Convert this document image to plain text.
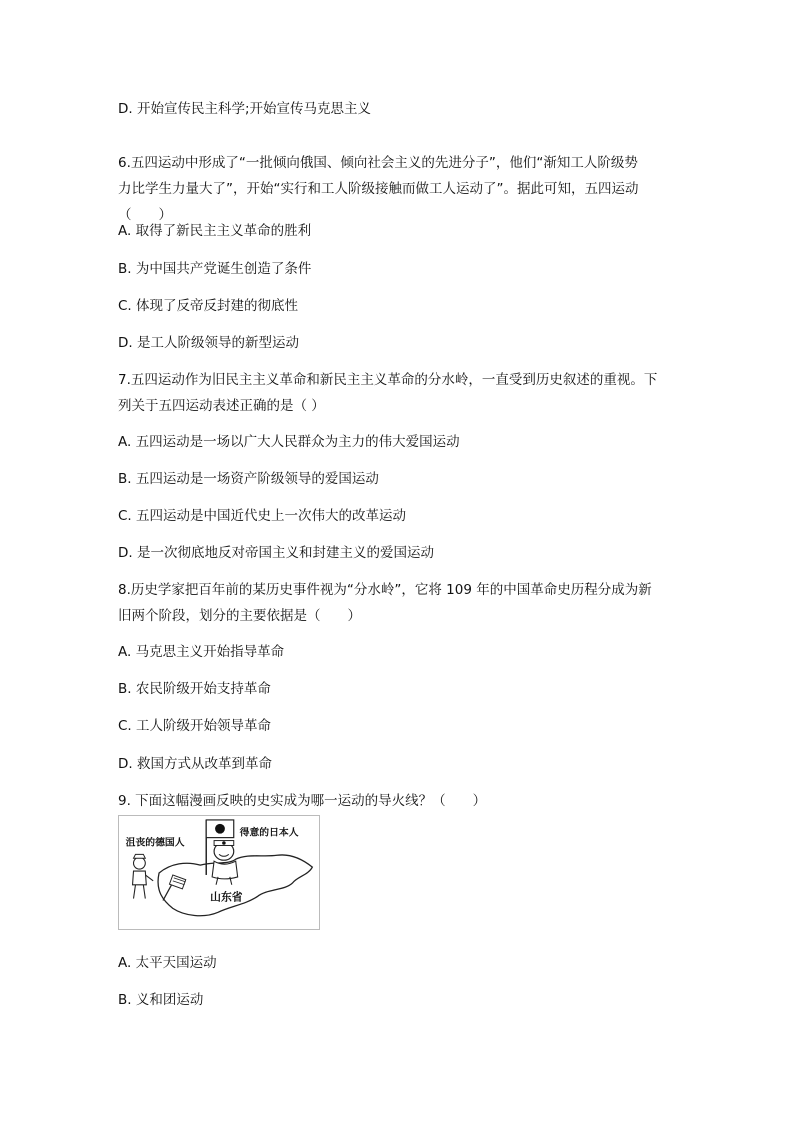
D. 开始宣传民主科学;开始宣传马克思主义

6.五四运动中形成了“一批倾向俄国、倾向社会主义的先进分子”，他们“渐知工人阶级势
力比学生力量大了”，开始“实行和工人阶级接触而做工人运动了”。据此可知，五四运动
（　　）

A. 取得了新民主主义革命的胜利

B. 为中国共产党诞生创造了条件

C. 体现了反帝反封建的彻底性

D. 是工人阶级领导的新型运动

7.五四运动作为旧民主主义革命和新民主主义革命的分水岭，一直受到历史叙述的重视。下
列关于五四运动表述正确的是（ ）

A. 五四运动是一场以广大人民群众为主力的伟大爱国运动

B. 五四运动是一场资产阶级领导的爱国运动

C. 五四运动是中国近代史上一次伟大的改革运动

D. 是一次彻底地反对帝国主义和封建主义的爱国运动

8.历史学家把百年前的某历史事件视为“分水岭”，它将 109 年的中国革命史历程分成为新
旧两个阶段，划分的主要依据是（　　）

A. 马克思主义开始指导革命

B. 农民阶级开始支持革命

C. 工人阶级开始领导革命

D. 救国方式从改革到革命

9. 下面这幅漫画反映的史实成为哪一运动的导火线？（　　）

沮丧的德国人
得意的日本人
山东省

A. 太平天国运动

B. 义和团运动
